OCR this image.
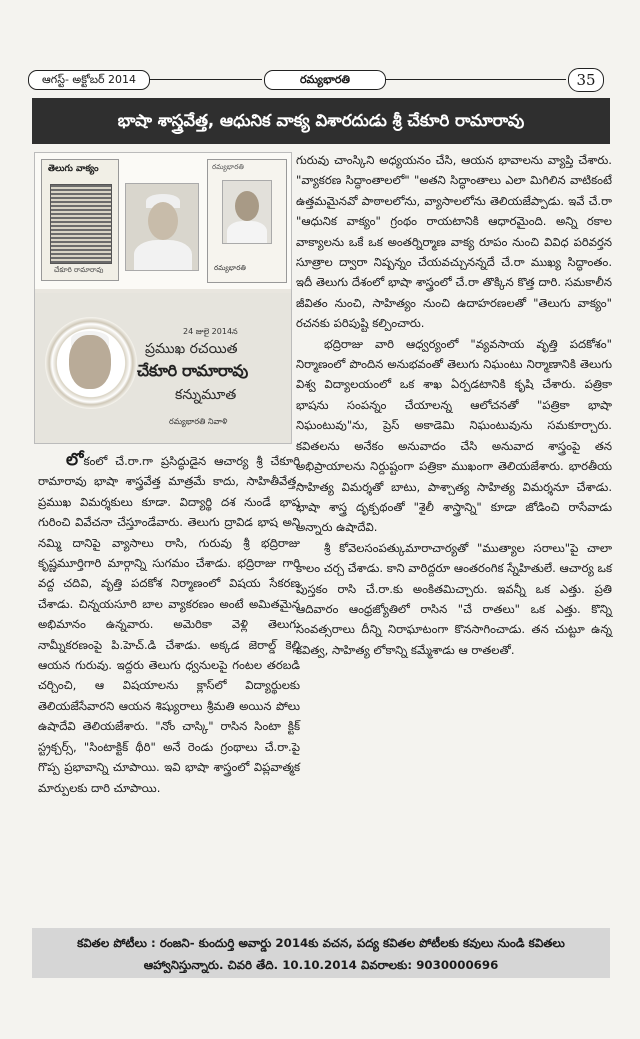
ఆగస్ట్- అక్టోబర్ 2014	రమ్యభారతి	35
భాషా శాస్త్రవేత్త, ఆధునిక వాక్య విశారదుడు శ్రీ చేకూరి రామారావు
తెలుగు వాక్యం
చేకూరి రామారావు
రమ్యభారతి
రమ్యభారతి
24 జులై 2014న
ప్రముఖ రచయిత
చేకూరి రామారావు
కన్నుమూత
రమ్యభారతి నివాళి

గురువు చాంస్కిని అధ్యయనం చేసి, ఆయన భావాలను వ్యాప్తి చేశారు. "వ్యాకరణ సిద్ధాంతాలలో" "అతని సిద్ధాంతాలు ఎలా మిగిలిన వాటికంటే ఉత్తమమైనవో పాఠాలలోను, వ్యాసాలలోను తెలియజేప్పాడు. ఇవే చే.రా "ఆధునిక వాక్యం" గ్రంథం రాయటానికి ఆధారమైంది. అన్ని రకాల వాక్యాలను ఒకే ఒక అంతర్నిర్మాణ వాక్య రూపం నుంచి వివిధ పరివర్తన సూత్రాల ద్వారా నిష్పన్నం చేయవచ్చునన్నదే చే.రా ముఖ్య సిద్ధాంతం. ఇదీ తెలుగు దేశంలో భాషా శాస్త్రంలో చే.రా తొక్కిన కొత్త దారి. సమకాలీన జీవితం నుంచి, సాహిత్యం నుంచి ఉదాహరణలతో "తెలుగు వాక్యం" రచనకు పరిపుష్టి కల్పించారు.

భద్రిరాజు వారి ఆధ్వర్యంలో "వ్యవసాయ వృత్తి పదకోశం" నిర్మాణంలో పొందిన అనుభవంతో తెలుగు నిఘంటు నిర్మాణానికి తెలుగు విశ్వ విద్యాలయంలో ఒక శాఖ ఏర్పడటానికి కృషి చేశారు. పత్రికా భాషను సంపన్నం చేయాలన్న ఆలోచనతో "పత్రికా భాషా నిఘంటువు"ను, ప్రెస్ అకాడెమి నిఘంటువును సమకూర్చారు. కవితలను అనేకం అనువాదం చేసి అనువాద శాస్త్రంపై తన అభిప్రాయాలను నిర్దుష్టంగా పత్రికా ముఖంగా తెలియజేశారు. భారతీయ సాహిత్య విమర్శతో బాటు, పాశ్చాత్య సాహిత్య విమర్శనూ చేశాడు. భాషా శాస్త్ర దృక్పథంతో "శైలీ శాస్త్రాన్ని" కూడా జోడించి రాసేవాడు అన్నారు ఉషాదేవి.

శ్రీ కోవెలసంపత్కుమారాచార్యతో "ముత్యాల సరాలు"పై చాలా కాలం చర్చ చేశాడు. కాని వారిద్దరూ ఆంతరంగిక స్నేహితులే. ఆచార్య ఒక పుస్తకం రాసి చే.రా.కు అంకితమిచ్చారు. ఇవన్నీ ఒక ఎత్తు. ప్రతి ఆదివారం ఆంధ్రజ్యోతిలో రాసిన "చే రాతలు" ఒక ఎత్తు. కొన్ని సంవత్సరాలు దీన్ని నిరాఘాటంగా కొనసాగించాడు. తన చుట్టూ ఉన్న కవిత్వ, సాహిత్య లోకాన్ని కమ్మేశాడు ఆ రాతలతో.

లోకంలో చే.రా.గా ప్రసిద్ధుడైన ఆచార్య శ్రీ చేకూరి రామారావు భాషా శాస్త్రవేత్త మాత్రమే కాదు, సాహితీవేత్త, ప్రముఖ విమర్శకులు కూడా. విద్యార్థి దశ నుండే భాష గురించి వివేచనా చేస్తూండేవారు. తెలుగు ద్రావిడ భాష అని నమ్మి దానిపై వ్యాసాలు రాసి, గురువు శ్రీ భద్రిరాజు కృష్ణమూర్తిగారి మార్గాన్ని సుగమం చేశాడు. భద్రిరాజు గారి వద్ద చదివి, వృత్తి పదకోశ నిర్మాణంలో విషయ సేకరణ చేశాడు. చిన్నయసూరి బాల వ్యాకరణం అంటే అమితమైన అభిమానం ఉన్నవారు. అమెరికా వెళ్లి తెలుగు నామ్నీకరణంపై పి.హెచ్.డి చేశాడు. అక్కడ జెరాల్డ్ కెల్లి ఆయన గురువు. ఇద్దరు తెలుగు ధ్వనులపై గంటల తరబడి చర్చించి, ఆ విషయాలను క్లాస్‌లో విద్యార్థులకు తెలియజేసేవారని ఆయన శిష్యురాలు శ్రీమతి అయిన పోలు ఉషాదేవి తెలియజేశారు. "నోం చాస్కి" రాసిన సింటా క్టిక్ స్ట్రక్చర్స్, "సింటాక్టిక్ థీరి" అనే రెండు గ్రంథాలు చే.రా.పై గొప్ప ప్రభావాన్ని చూపాయి. ఇవి భాషా శాస్త్రంలో విప్లవాత్మక మార్పులకు దారి చూపాయి.

కవితల పోటీలు : రంజని- కుందుర్తి అవార్డు 2014కు వచన, పద్య కవితల పోటీలకు కవులు నుండి కవితలు ఆహ్వానిస్తున్నారు. చివరి తేది. 10.10.2014 వివరాలకు: 9030000696
